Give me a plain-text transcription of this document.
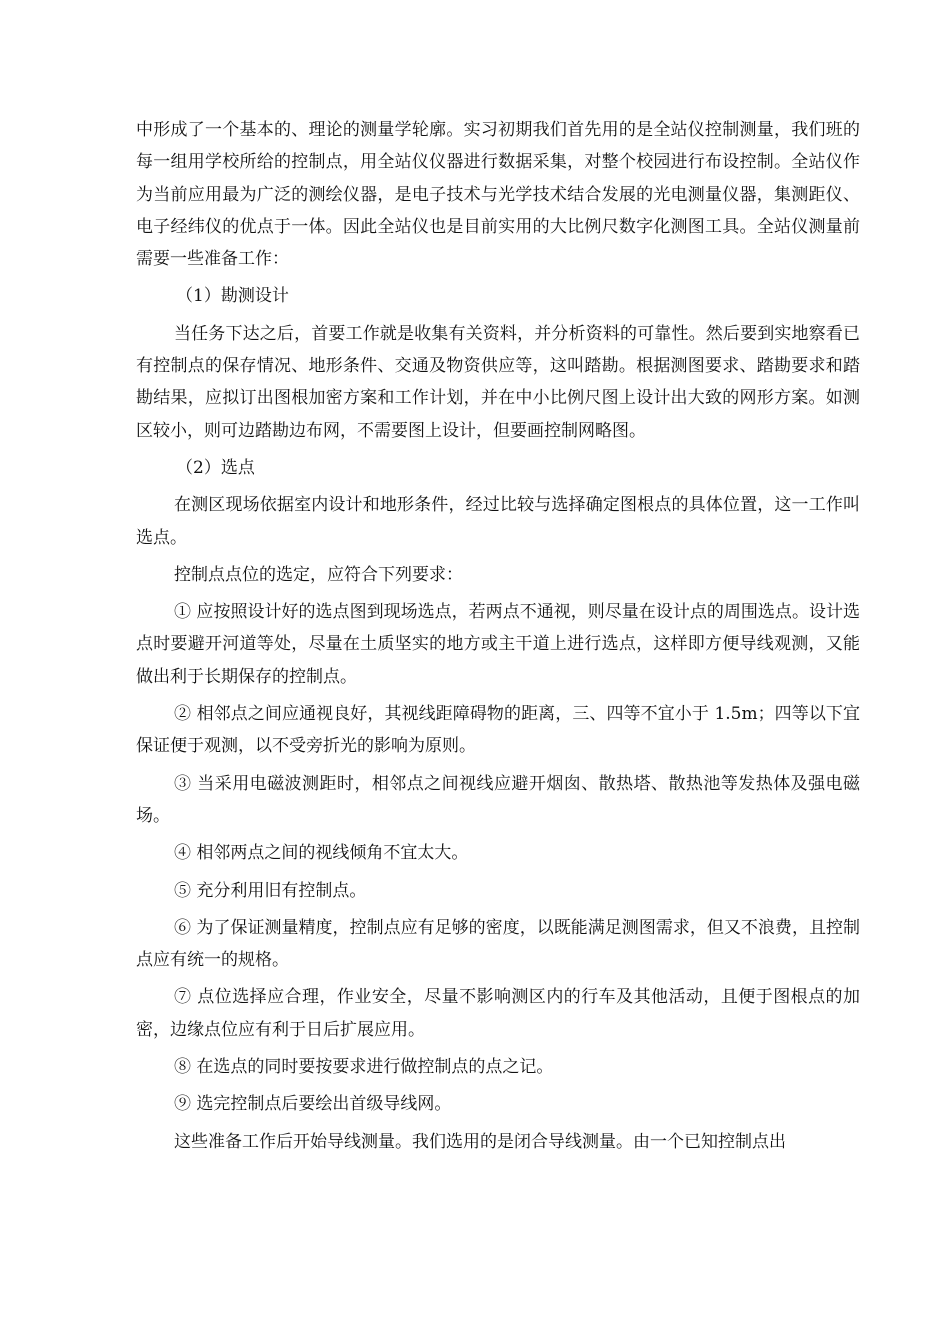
中形成了一个基本的、理论的测量学轮廓。实习初期我们首先用的是全站仪控制测量，我们班的每一组用学校所给的控制点，用全站仪仪器进行数据采集，对整个校园进行布设控制。全站仪作为当前应用最为广泛的测绘仪器，是电子技术与光学技术结合发展的光电测量仪器，集测距仪、电子经纬仪的优点于一体。因此全站仪也是目前实用的大比例尺数字化测图工具。全站仪测量前需要一些准备工作：

（1）勘测设计

当任务下达之后，首要工作就是收集有关资料，并分析资料的可靠性。然后要到实地察看已有控制点的保存情况、地形条件、交通及物资供应等，这叫踏勘。根据测图要求、踏勘要求和踏勘结果，应拟订出图根加密方案和工作计划，并在中小比例尺图上设计出大致的网形方案。如测区较小，则可边踏勘边布网，不需要图上设计，但要画控制网略图。

（2）选点

在测区现场依据室内设计和地形条件，经过比较与选择确定图根点的具体位置，这一工作叫选点。

控制点点位的选定，应符合下列要求：

① 应按照设计好的选点图到现场选点，若两点不通视，则尽量在设计点的周围选点。设计选点时要避开河道等处，尽量在土质坚实的地方或主干道上进行选点，这样即方便导线观测，又能做出利于长期保存的控制点。

② 相邻点之间应通视良好，其视线距障碍物的距离，三、四等不宜小于 1.5m；四等以下宜保证便于观测，以不受旁折光的影响为原则。

③ 当采用电磁波测距时，相邻点之间视线应避开烟囱、散热塔、散热池等发热体及强电磁场。

④ 相邻两点之间的视线倾角不宜太大。

⑤ 充分利用旧有控制点。

⑥ 为了保证测量精度，控制点应有足够的密度，以既能满足测图需求，但又不浪费，且控制点应有统一的规格。

⑦ 点位选择应合理，作业安全，尽量不影响测区内的行车及其他活动，且便于图根点的加密，边缘点位应有利于日后扩展应用。

⑧ 在选点的同时要按要求进行做控制点的点之记。

⑨ 选完控制点后要绘出首级导线网。

这些准备工作后开始导线测量。我们选用的是闭合导线测量。由一个已知控制点出
